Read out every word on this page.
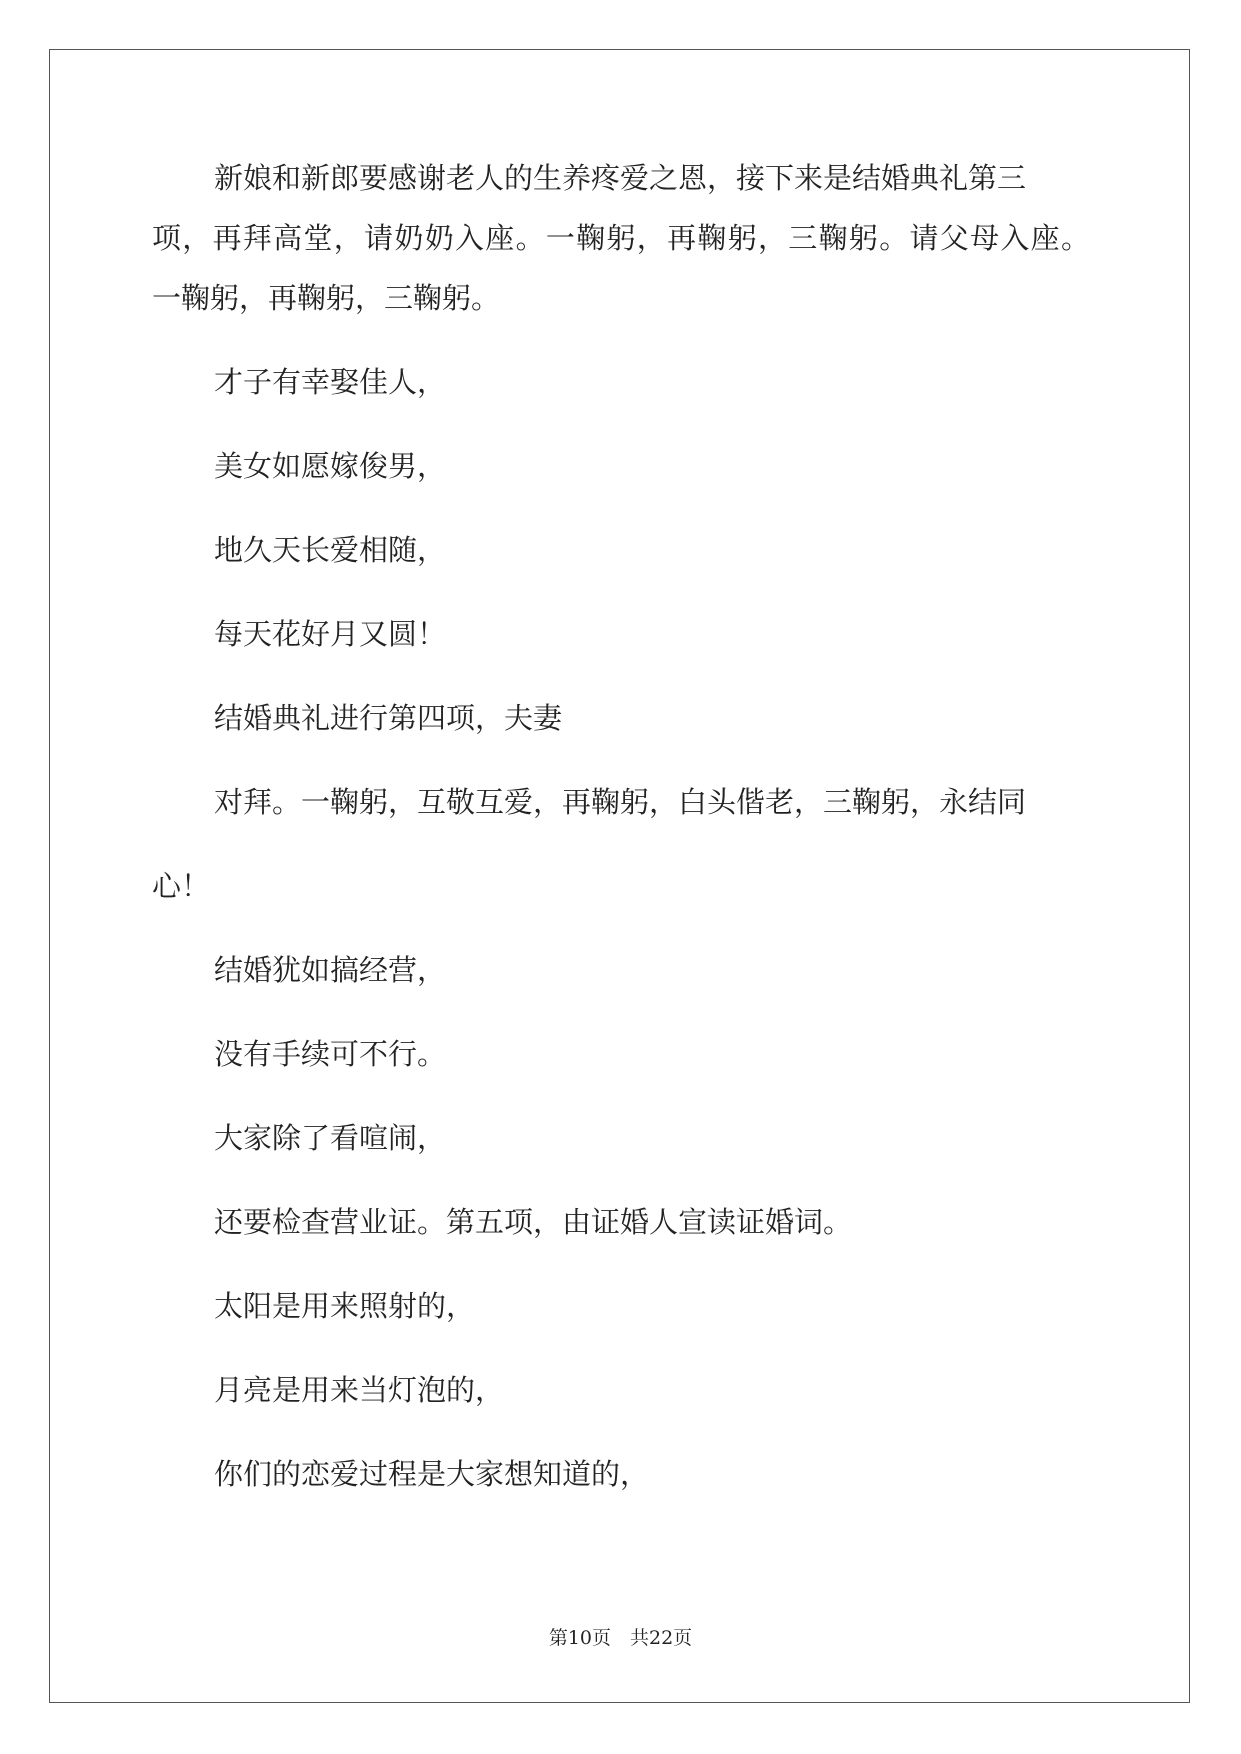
新娘和新郎要感谢老人的生养疼爱之恩，接下来是结婚典礼第三
项，再拜高堂，请奶奶入座。一鞠躬，再鞠躬，三鞠躬。请父母入座。
一鞠躬，再鞠躬，三鞠躬。
才子有幸娶佳人，
美女如愿嫁俊男，
地久天长爱相随，
每天花好月又圆！
结婚典礼进行第四项，夫妻
对拜。一鞠躬，互敬互爱，再鞠躬，白头偕老，三鞠躬，永结同
心！
结婚犹如搞经营，
没有手续可不行。
大家除了看喧闹，
还要检查营业证。第五项，由证婚人宣读证婚词。
太阳是用来照射的，
月亮是用来当灯泡的，
你们的恋爱过程是大家想知道的，
第10页　共22页
